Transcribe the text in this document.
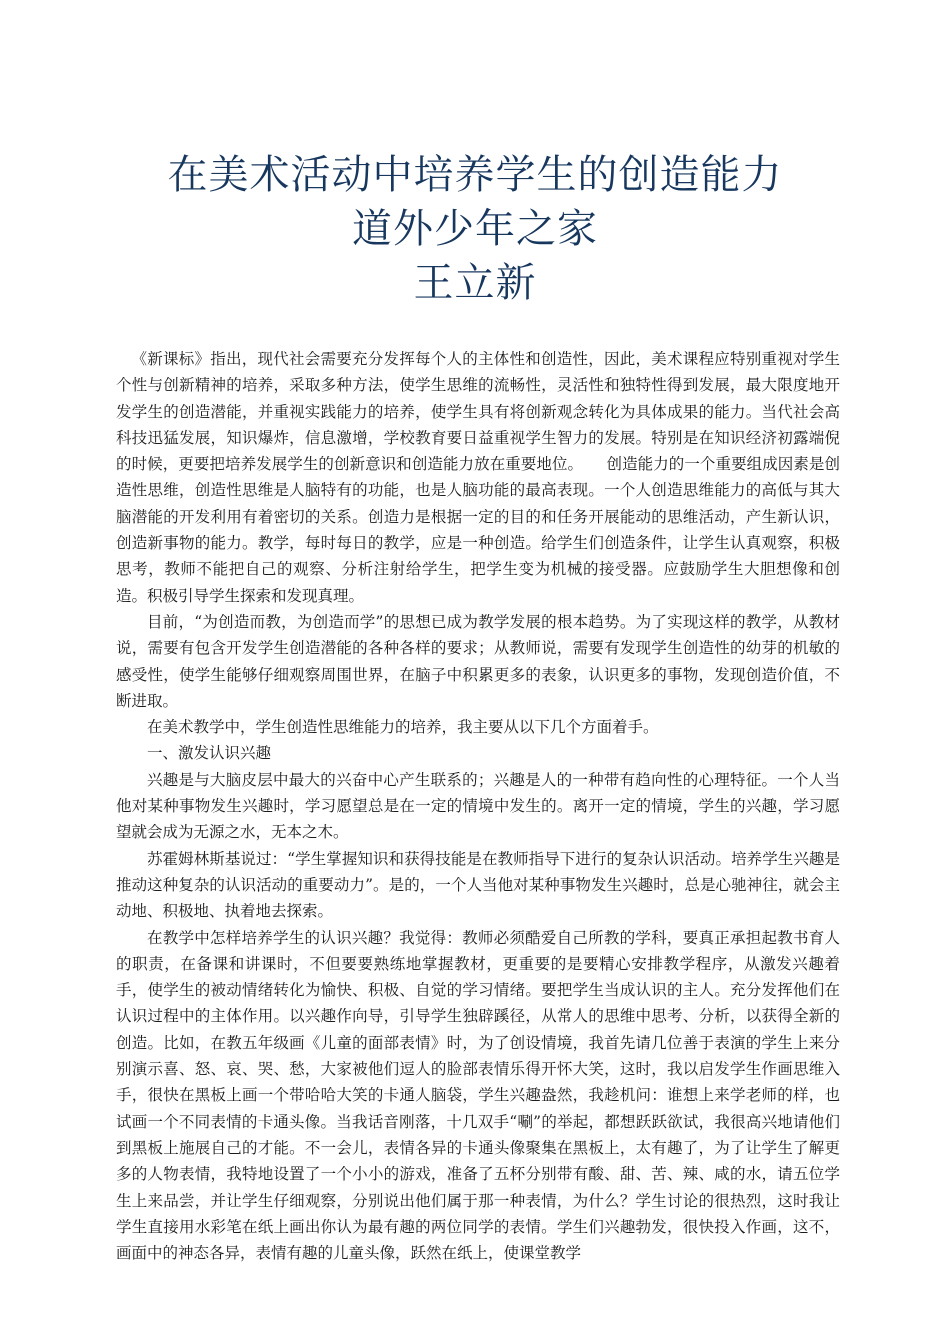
在美术活动中培养学生的创造能力
道外少年之家
王立新

《新课标》指出，现代社会需要充分发挥每个人的主体性和创造性，因此，美术课程应特别重视对学生个性与创新精神的培养，采取多种方法，使学生思维的流畅性，灵活性和独特性得到发展，最大限度地开发学生的创造潜能，并重视实践能力的培养，使学生具有将创新观念转化为具体成果的能力。当代社会高科技迅猛发展，知识爆炸，信息激增，学校教育要日益重视学生智力的发展。特别是在知识经济初露端倪的时候，更要把培养发展学生的创新意识和创造能力放在重要地位。　　创造能力的一个重要组成因素是创造性思维，创造性思维是人脑特有的功能，也是人脑功能的最高表现。一个人创造思维能力的高低与其大脑潜能的开发利用有着密切的关系。创造力是根据一定的目的和任务开展能动的思维活动，产生新认识，创造新事物的能力。教学，每时每日的教学，应是一种创造。给学生们创造条件，让学生认真观察，积极思考，教师不能把自己的观察、分析注射给学生，把学生变为机械的接受器。应鼓励学生大胆想像和创造。积极引导学生探索和发现真理。

目前，“为创造而教，为创造而学”的思想已成为教学发展的根本趋势。为了实现这样的教学，从教材说，需要有包含开发学生创造潜能的各种各样的要求；从教师说，需要有发现学生创造性的幼芽的机敏的感受性，使学生能够仔细观察周围世界，在脑子中积累更多的表象，认识更多的事物，发现创造价值，不断进取。

在美术教学中，学生创造性思维能力的培养，我主要从以下几个方面着手。

一、激发认识兴趣

兴趣是与大脑皮层中最大的兴奋中心产生联系的；兴趣是人的一种带有趋向性的心理特征。一个人当他对某种事物发生兴趣时，学习愿望总是在一定的情境中发生的。离开一定的情境，学生的兴趣，学习愿望就会成为无源之水，无本之木。

苏霍姆林斯基说过：“学生掌握知识和获得技能是在教师指导下进行的复杂认识活动。培养学生兴趣是推动这种复杂的认识活动的重要动力”。是的，一个人当他对某种事物发生兴趣时，总是心驰神往，就会主动地、积极地、执着地去探索。

在教学中怎样培养学生的认识兴趣？我觉得：教师必须酷爱自己所教的学科，要真正承担起教书育人的职责，在备课和讲课时，不但要要熟练地掌握教材，更重要的是要精心安排教学程序，从激发兴趣着手，使学生的被动情绪转化为愉快、积极、自觉的学习情绪。要把学生当成认识的主人。充分发挥他们在认识过程中的主体作用。以兴趣作向导，引导学生独辟蹊径，从常人的思维中思考、分析，以获得全新的创造。比如，在教五年级画《儿童的面部表情》时，为了创设情境，我首先请几位善于表演的学生上来分别演示喜、怒、哀、哭、愁，大家被他们逗人的脸部表情乐得开怀大笑，这时，我以启发学生作画思维入手，很快在黑板上画一个带哈哈大笑的卡通人脑袋，学生兴趣盎然，我趁机问：谁想上来学老师的样，也试画一个不同表情的卡通头像。当我话音刚落，十几双手“唰”的举起，都想跃跃欲试，我很高兴地请他们到黑板上施展自己的才能。不一会儿，表情各异的卡通头像聚集在黑板上，太有趣了，为了让学生了解更多的人物表情，我特地设置了一个小小的游戏，准备了五杯分别带有酸、甜、苦、辣、咸的水，请五位学生上来品尝，并让学生仔细观察，分别说出他们属于那一种表情，为什么？学生讨论的很热烈，这时我让学生直接用水彩笔在纸上画出你认为最有趣的两位同学的表情。学生们兴趣勃发，很快投入作画，这不，画面中的神态各异，表情有趣的儿童头像，跃然在纸上，使课堂教学
